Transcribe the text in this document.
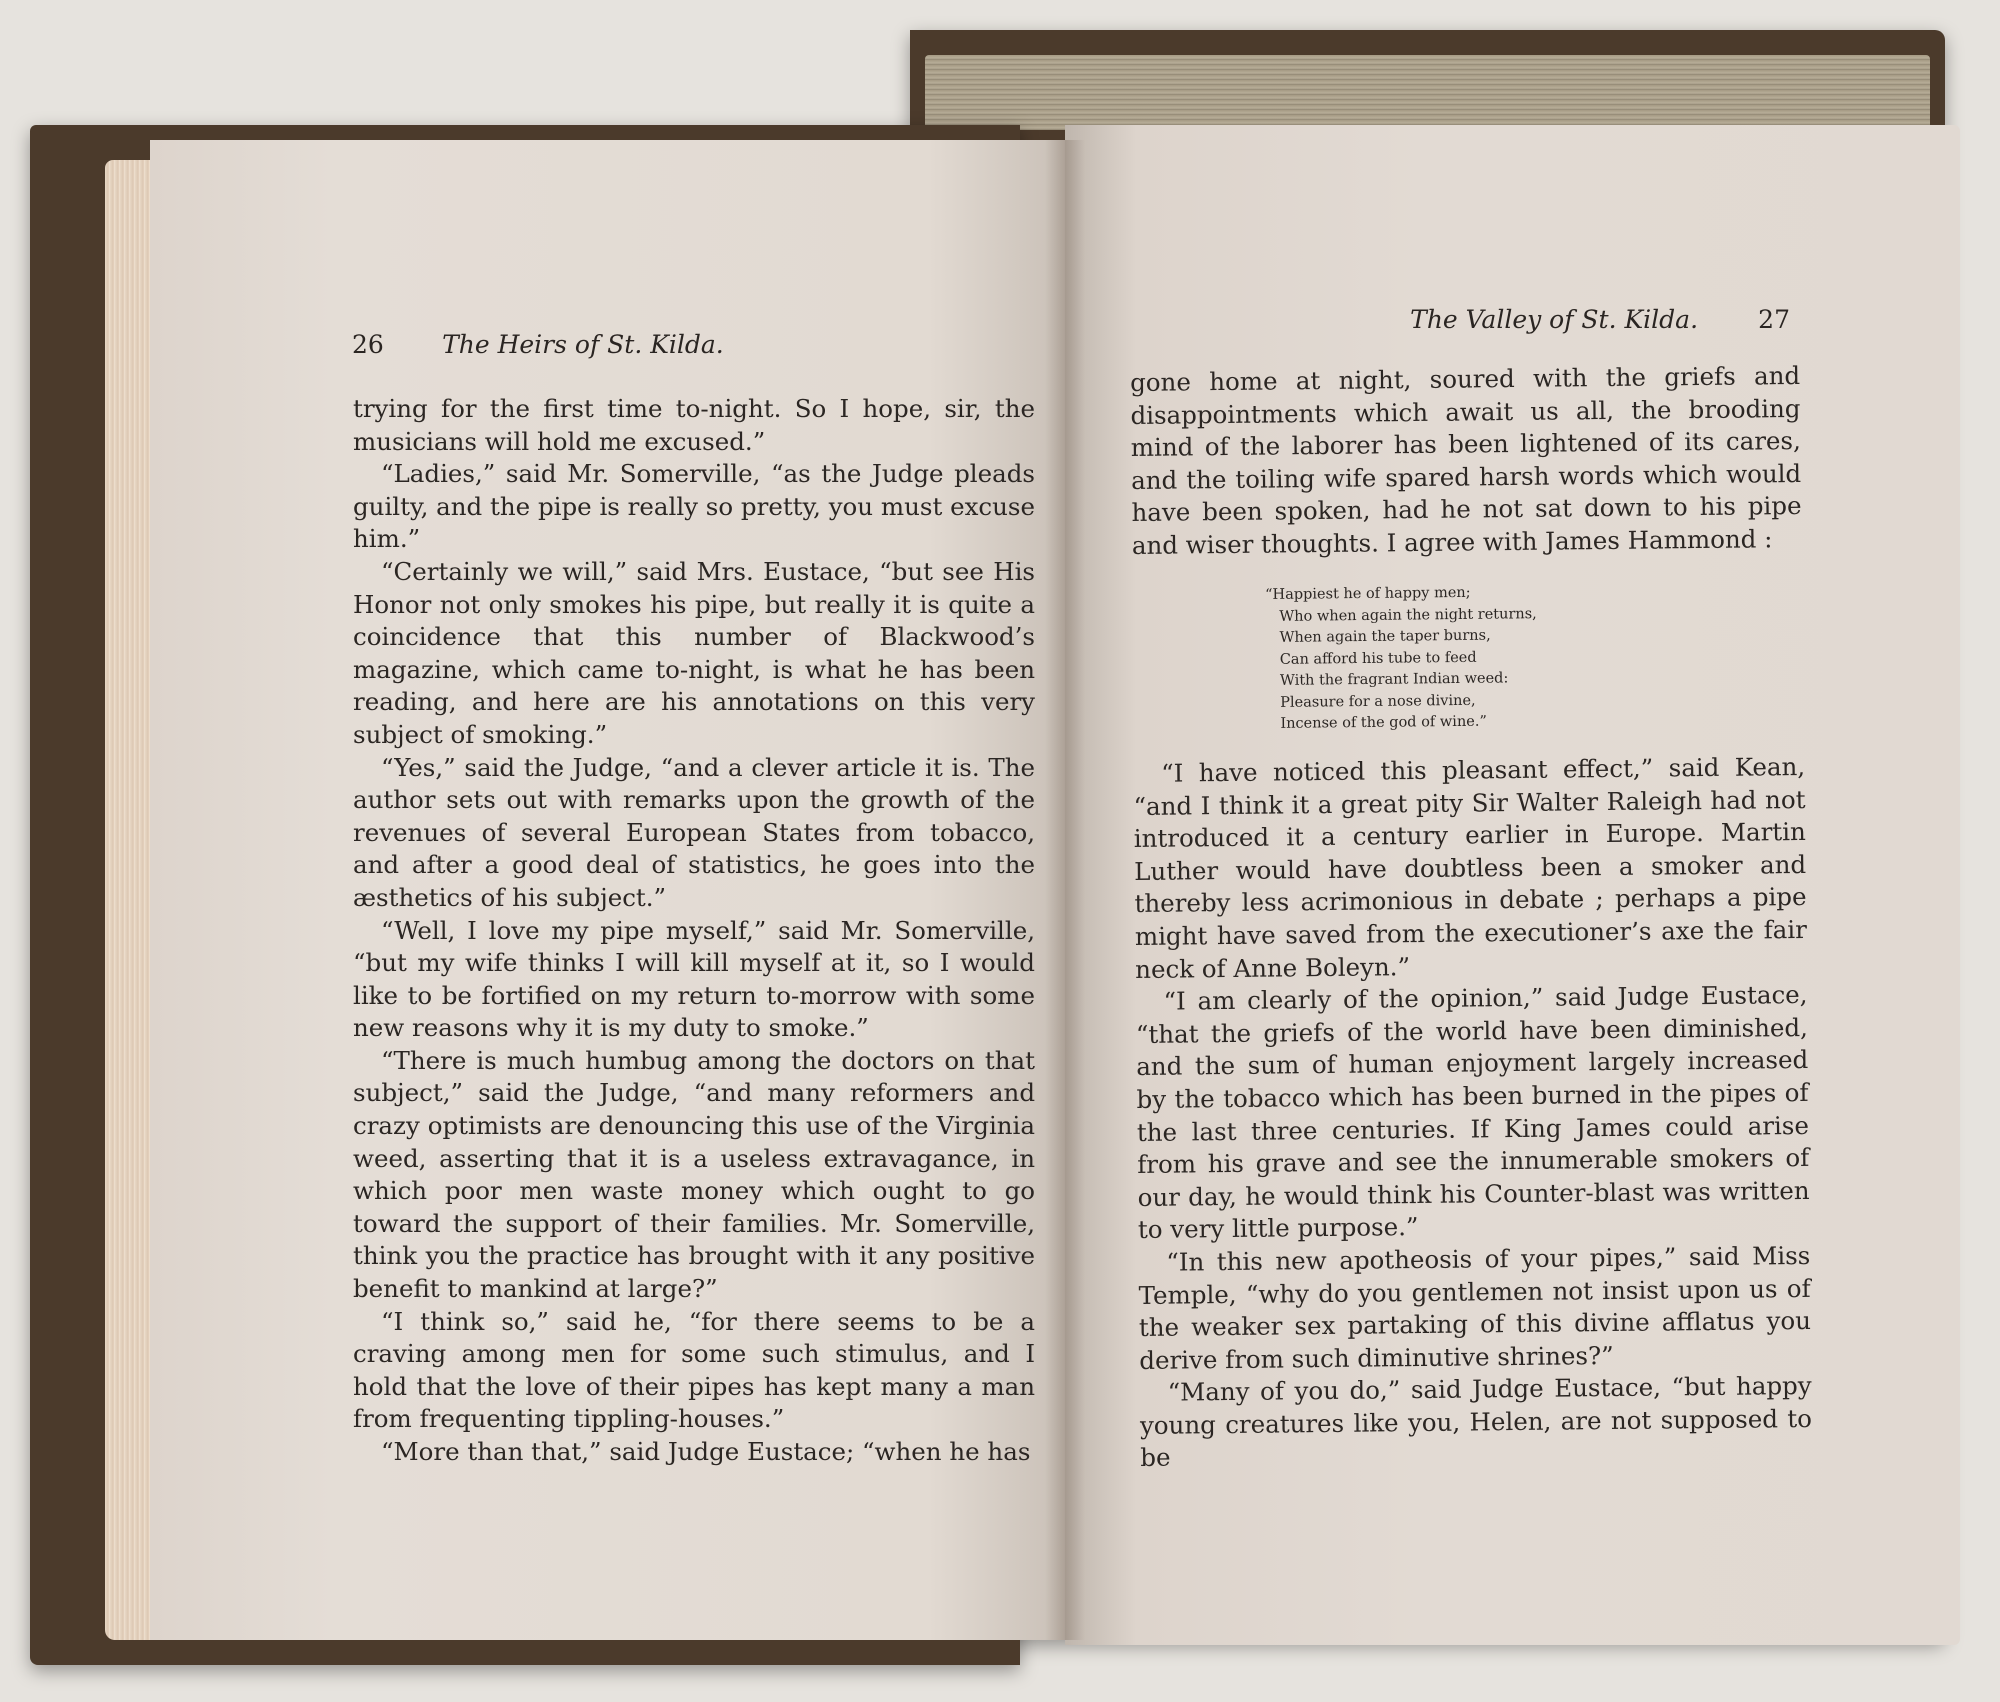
26 The Heirs of St. Kilda.

trying for the first time to-night. So I hope, sir, the musicians will hold me excused.”

“Ladies,” said Mr. Somerville, “as the Judge pleads guilty, and the pipe is really so pretty, you must excuse him.”

“Certainly we will,” said Mrs. Eustace, “but see His Honor not only smokes his pipe, but really it is quite a coincidence that this number of Blackwood’s magazine, which came to-night, is what he has been reading, and here are his annotations on this very subject of smoking.”

“Yes,” said the Judge, “and a clever article it is. The author sets out with remarks upon the growth of the revenues of several European States from tobacco, and after a good deal of statistics, he goes into the æsthetics of his subject.”

“Well, I love my pipe myself,” said Mr. Somerville, “but my wife thinks I will kill myself at it, so I would like to be fortified on my return to-morrow with some new reasons why it is my duty to smoke.”

“There is much humbug among the doctors on that subject,” said the Judge, “and many reformers and crazy optimists are denouncing this use of the Virginia weed, asserting that it is a useless extravagance, in which poor men waste money which ought to go toward the support of their families. Mr. Somerville, think you the practice has brought with it any positive benefit to mankind at large?”

“I think so,” said he, “for there seems to be a craving among men for some such stimulus, and I hold that the love of their pipes has kept many a man from frequenting tippling-houses.”

“More than that,” said Judge Eustace; “when he has

The Valley of St. Kilda. 27

gone home at night, soured with the griefs and disappointments which await us all, the brooding mind of the laborer has been lightened of its cares, and the toiling wife spared harsh words which would have been spoken, had he not sat down to his pipe and wiser thoughts. I agree with James Hammond :

“Happiest he of happy men;
Who when again the night returns,
When again the taper burns,
Can afford his tube to feed
With the fragrant Indian weed:
Pleasure for a nose divine,
Incense of the god of wine.”

“I have noticed this pleasant effect,” said Kean, “and I think it a great pity Sir Walter Raleigh had not introduced it a century earlier in Europe. Martin Luther would have doubtless been a smoker and thereby less acrimonious in debate ; perhaps a pipe might have saved from the executioner’s axe the fair neck of Anne Boleyn.”

“I am clearly of the opinion,” said Judge Eustace, “that the griefs of the world have been diminished, and the sum of human enjoyment largely increased by the tobacco which has been burned in the pipes of the last three centuries. If King James could arise from his grave and see the innumerable smokers of our day, he would think his Counter-blast was written to very little purpose.”

“In this new apotheosis of your pipes,” said Miss Temple, “why do you gentlemen not insist upon us of the weaker sex partaking of this divine afflatus you derive from such diminutive shrines?”

“Many of you do,” said Judge Eustace, “but happy young creatures like you, Helen, are not supposed to be
